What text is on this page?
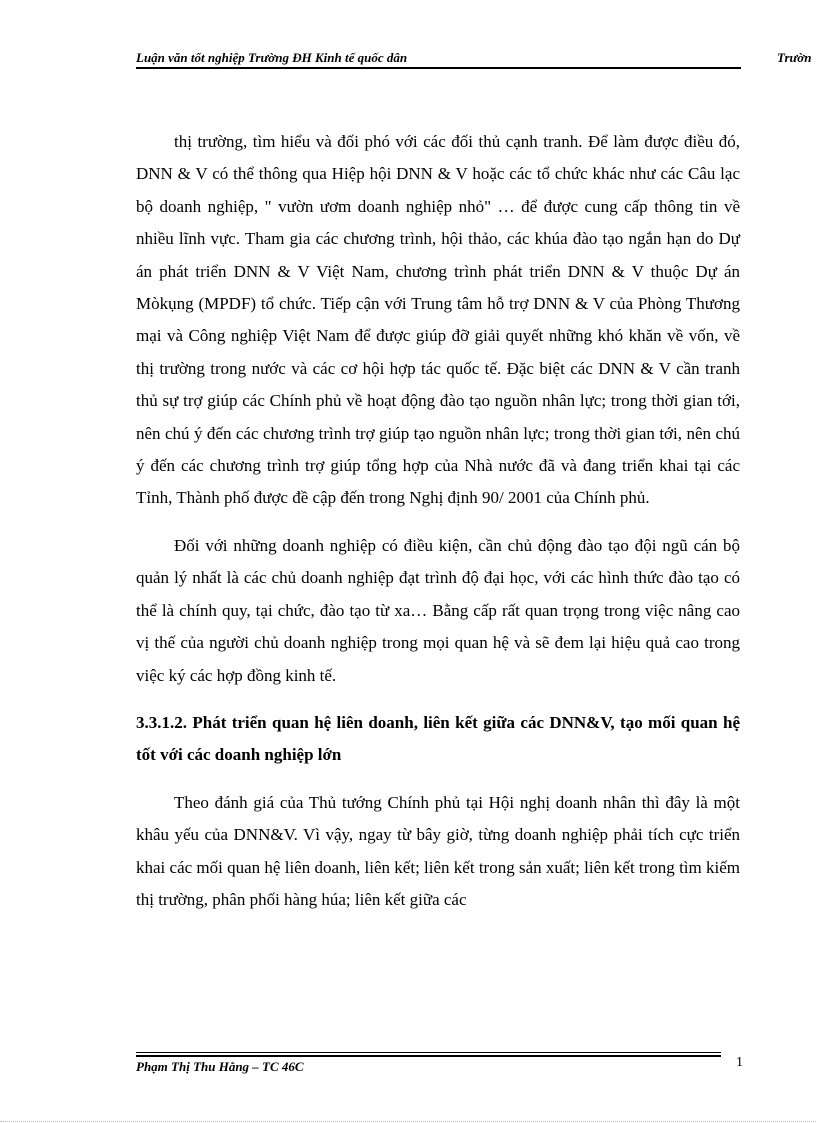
Luận văn tốt nghiệp Trường ĐH Kinh tế quốc dân	Trườn

thị trường, tìm hiểu và đối phó với các đối thủ cạnh tranh. Để làm được điều đó, DNN & V có thể thông qua Hiệp hội DNN & V hoặc các tổ chức khác như các Câu lạc bộ doanh nghiệp, " vườn ươm doanh nghiệp nhỏ" … để được cung cấp thông tin về nhiều lĩnh vực. Tham gia các chương trình, hội thảo, các khúa đào tạo ngắn hạn do Dự án phát triển DNN & V Việt Nam, chương trình phát triển DNN & V thuộc Dự án Mòkụng (MPDF) tổ chức. Tiếp cận với Trung tâm hỗ trợ DNN & V của Phòng Thương mại và Công nghiệp Việt Nam để được giúp đỡ giải quyết những khó khăn về vốn, về thị trường trong nước và các cơ hội hợp tác quốc tế. Đặc biệt các DNN & V cần tranh thủ sự trợ giúp các Chính phủ về hoạt động đào tạo nguồn nhân lực; trong thời gian tới, nên chú ý đến các chương trình trợ giúp tạo nguồn nhân lực; trong thời gian tới, nên chú ý đến các chương trình trợ giúp tổng hợp của Nhà nước đã và đang triển khai tại các Tỉnh, Thành phố được đề cập đến trong Nghị định 90/ 2001 của Chính phủ.

Đối với những doanh nghiệp có điều kiện, cần chủ động đào tạo đội ngũ cán bộ quản lý nhất là các chủ doanh nghiệp đạt trình độ đại học, với các hình thức đào tạo có thể là chính quy, tại chức, đào tạo từ xa… Bằng cấp rất quan trọng trong việc nâng cao vị thế của người chủ doanh nghiệp trong mọi quan hệ và sẽ đem lại hiệu quả cao trong việc ký các hợp đồng kinh tế.

3.3.1.2. Phát triển quan hệ liên doanh, liên kết giữa các DNN&V, tạo mối quan hệ tốt với các doanh nghiệp lớn

Theo đánh giá của Thủ tướng Chính phủ tại Hội nghị doanh nhân thì đây là một khâu yếu của DNN&V. Vì vậy, ngay từ bây giờ, từng doanh nghiệp phải tích cực triển khai các mối quan hệ liên doanh, liên kết; liên kết trong sản xuất; liên kết trong tìm kiếm thị trường, phân phối hàng húa; liên kết giữa các

Phạm Thị Thu Hằng – TC 46C	1
